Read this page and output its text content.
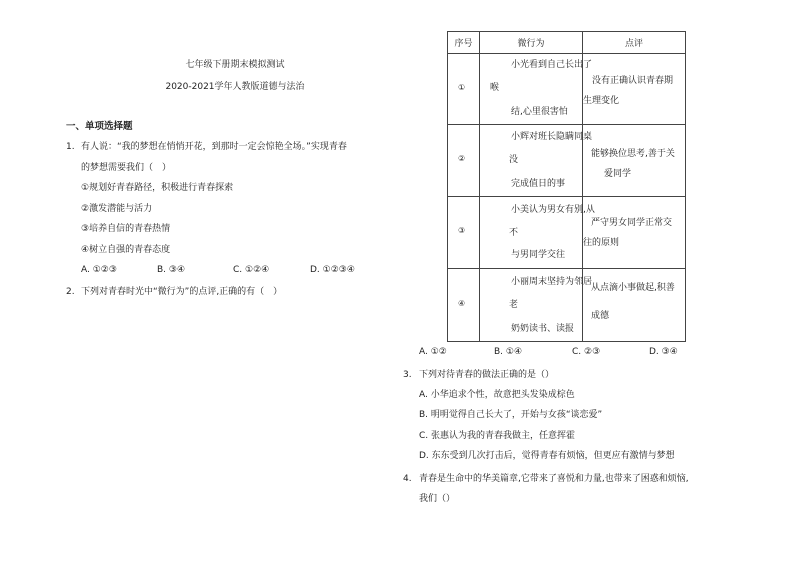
七年级下册期末模拟测试
2020-2021学年人教版道德与法治
一、单项选择题
1. 有人说：“我的梦想在悄悄开花，到那时一定会惊艳全场。”实现青春
的梦想需要我们（　）
①规划好青春路径，积极进行青春探索
②激发潜能与活力
③培养自信的青春热情
④树立自强的青春态度
A. ①②③	B. ③④	C. ①②④	D. ①②③④
2. 下列对青春时光中“微行为”的点评,正确的有（　）
序号	微行为	点评

①	小光看到自己长出了
喉
结,心里很害怕	没有正确认识青春期
生理变化

②	小辉对班长隐瞒同桌
没
完成值日的事	能够换位思考,善于关
爱同学

③	小美认为男女有别,从
不
与男同学交往	严守男女同学正常交
往的原则

④	小丽周末坚持为邻居
老
奶奶读书、读报	从点滴小事做起,积善
成德
A. ①②	B. ①④	C. ②③	D. ③④
3. 下列对待青春的做法正确的是（）
A. 小华追求个性，故意把头发染成棕色
B. 明明觉得自己长大了，开始与女孩“谈恋爱”
C. 张惠认为我的青春我做主，任意挥霍
D. 东东受到几次打击后，觉得青春有烦恼，但更应有激情与梦想
4. 青春是生命中的华美篇章,它带来了喜悦和力量,也带来了困惑和烦恼,
我们（）
